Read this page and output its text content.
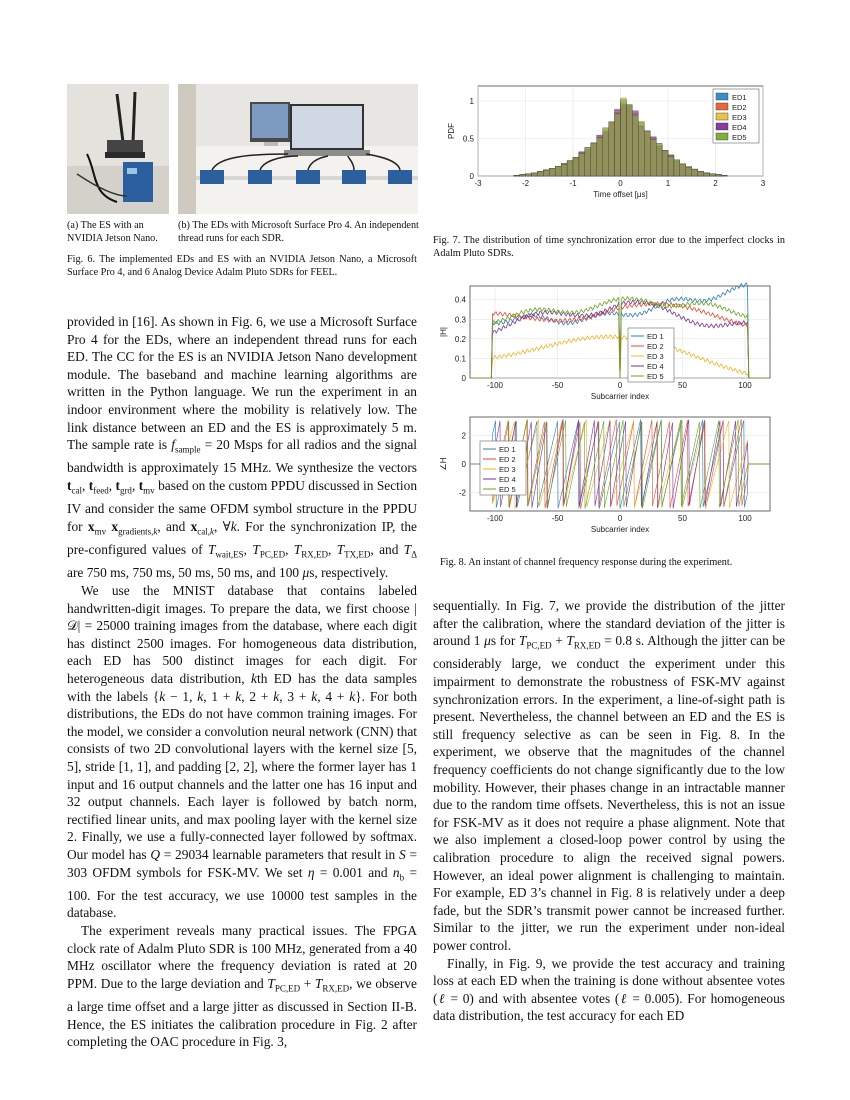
(a) The ES with an NVIDIA Jetson Nano.
(b) The EDs with Microsoft Surface Pro 4. An independent thread runs for each SDR.
Fig. 6. The implemented EDs and ES with an NVIDIA Jetson Nano, a Microsoft Surface Pro 4, and 6 Analog Device Adalm Pluto SDRs for FEEL.
-3	-2	-1	0	1	2	3
0
0.5
1
Time offset [μs]
PDF
ED1
ED2
ED3
ED4
ED5
Fig. 7. The distribution of time synchronization error due to the imperfect clocks in Adalm Pluto SDRs.
-100	-50	0	50	100
0
0.1
0.2
0.3
0.4
Subcarrier index
|H|	ED 1
ED 2
ED 3
ED 4
ED 5
-100	-50	0	50	100
-2
0
2
Subcarrier index
∠H
ED 1
ED 2
ED 3
ED 4
ED 5
Fig. 8. An instant of channel frequency response during the experiment.

provided in [16]. As shown in Fig. 6, we use a Microsoft Surface Pro 4 for the EDs, where an independent thread runs for each ED. The CC for the ES is an NVIDIA Jetson Nano development module. The baseband and machine learning algorithms are written in the Python language. We run the experiment in an indoor environment where the mobility is relatively low. The link distance between an ED and the ES is approximately 5 m. The sample rate is $f_{sample} = 20$ Msps for all radios and the signal bandwidth is approximately 15 MHz. We synthesize the vectors $t_{cal}$, $t_{feed}$, $t_{grd}$, $t_{mv}$ based on the custom PPDU discussed in Section IV and consider the same OFDM symbol structure in the PPDU for $x_{mv}$ $x_{gradients,k}$, and $x_{cal,k}$, ∀k. For the synchronization IP, the pre-configured values of $T_{wait,ES}$, $T_{PC,ED}$, $T_{RX,ED}$, $T_{TX,ED}$, and $T_\Delta$ are 750 ms, 750 ms, 50 ms, 50 ms, and 100 μs, respectively.

We use the MNIST database that contains labeled handwritten-digit images. To prepare the data, we first choose |𝒟| = 25000 training images from the database, where each digit has distinct 2500 images. For homogeneous data distribution, each ED has 500 distinct images for each digit. For heterogeneous data distribution, kth ED has the data samples with the labels {k − 1, k, 1 + k, 2 + k, 3 + k, 4 + k}. For both distributions, the EDs do not have common training images. For the model, we consider a convolution neural network (CNN) that consists of two 2D convolutional layers with the kernel size [5, 5], stride [1, 1], and padding [2, 2], where the former layer has 1 input and 16 output channels and the latter one has 16 input and 32 output channels. Each layer is followed by batch norm, rectified linear units, and max pooling layer with the kernel size 2. Finally, we use a fully-connected layer followed by softmax. Our model has Q = 29034 learnable parameters that result in S = 303 OFDM symbols for FSK-MV. We set η = 0.001 and $n_b = 100$. For the test accuracy, we use 10000 test samples in the database.

The experiment reveals many practical issues. The FPGA clock rate of Adalm Pluto SDR is 100 MHz, generated from a 40 MHz oscillator where the frequency deviation is rated at 20 PPM. Due to the large deviation and $T_{PC,ED} + T_{RX,ED}$, we observe a large time offset and a large jitter as discussed in Section II-B. Hence, the ES initiates the calibration procedure in Fig. 2 after completing the OAC procedure in Fig. 3,

sequentially. In Fig. 7, we provide the distribution of the jitter after the calibration, where the standard deviation of the jitter is around 1 μs for $T_{PC,ED} + T_{RX,ED} = 0.8$ s. Although the jitter can be considerably large, we conduct the experiment under this impairment to demonstrate the robustness of FSK-MV against synchronization errors. In the experiment, a line-of-sight path is present. Nevertheless, the channel between an ED and the ES is still frequency selective as can be seen in Fig. 8. In the experiment, we observe that the magnitudes of the channel frequency coefficients do not change significantly due to the low mobility. However, their phases change in an intractable manner due to the random time offsets. Nevertheless, this is not an issue for FSK-MV as it does not require a phase alignment. Note that we also implement a closed-loop power control by using the calibration procedure to align the received signal powers. However, an ideal power alignment is challenging to maintain. For example, ED 3’s channel in Fig. 8 is relatively under a deep fade, but the SDR’s transmit power cannot be increased further. Similar to the jitter, we run the experiment under non-ideal power control.

Finally, in Fig. 9, we provide the test accuracy and training loss at each ED when the training is done without absentee votes (ℓ = 0) and with absentee votes (ℓ = 0.005). For homogeneous data distribution, the test accuracy for each ED
